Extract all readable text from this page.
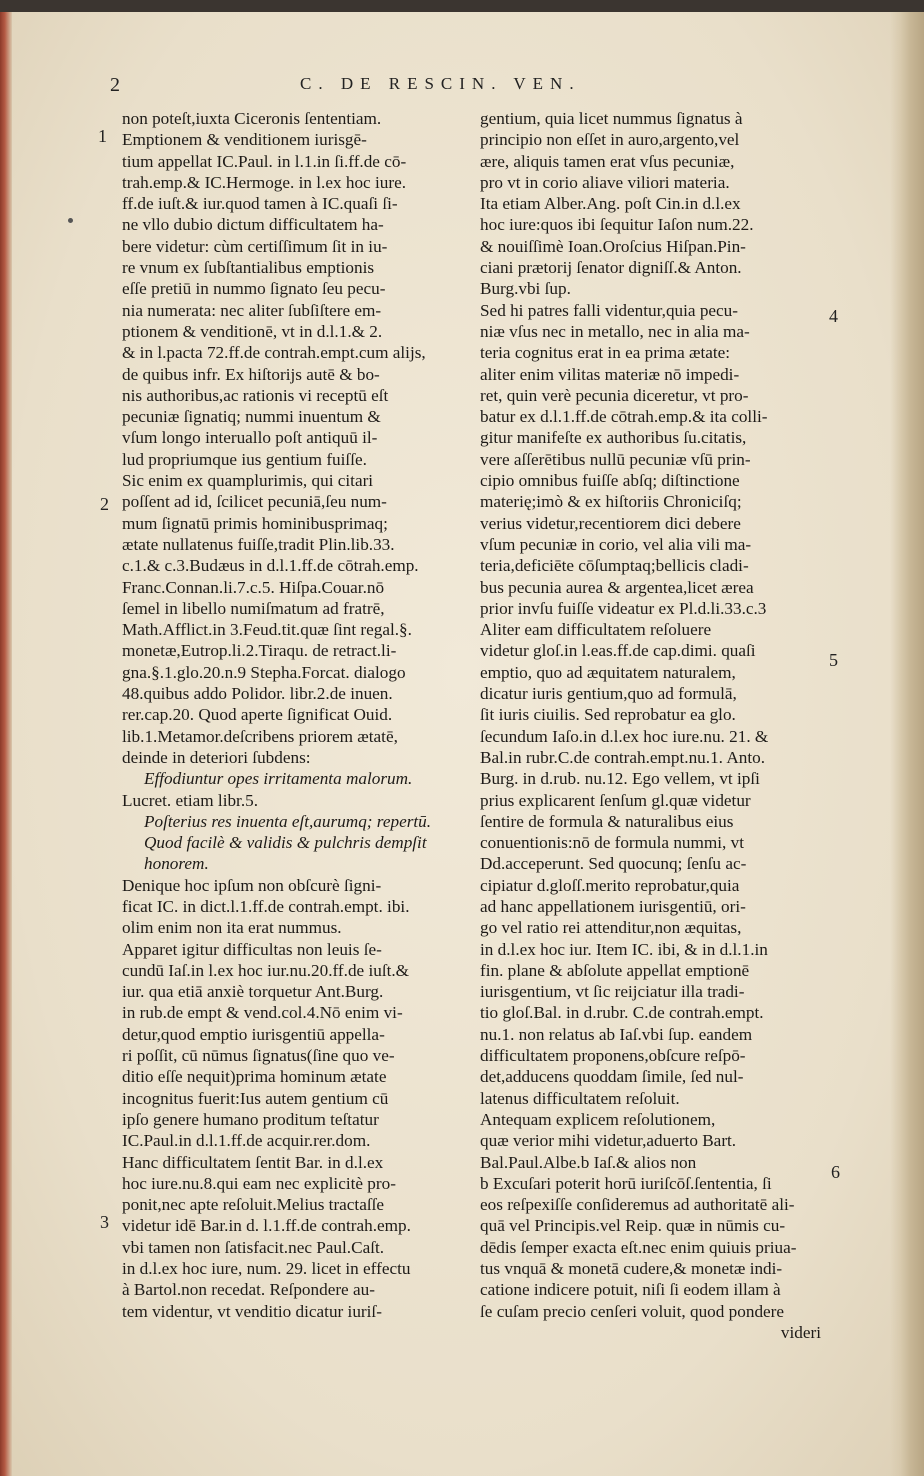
2	C. DE RESCIN. VEN.
1
2
3
4
5
6
non poteſt,iuxta Ciceronis ſententiam.
Emptionem & venditionem iurisgē-
tium appellat IC.Paul. in l.1.in ſi.ff.de cō-
trah.emp.& IC.Hermoge. in l.ex hoc iure.
ff.de iuſt.& iur.quod tamen à IC.quaſi ſi-
ne vllo dubio dictum difficultatem ha-
bere videtur: cùm certiſſimum ſit in iu-
re vnum ex ſubſtantialibus emptionis
eſſe pretiū in nummo ſignato ſeu pecu-
nia numerata: nec aliter ſubſiſtere em-
ptionem & venditionē, vt in d.l.1.& 2.
& in l.pacta 72.ff.de contrah.empt.cum alijs,
de quibus infr. Ex hiſtorijs autē & bo-
nis authoribus,ac rationis vi receptū eſt
pecuniæ ſignatiq; nummi inuentum &
vſum longo interuallo poſt antiquū il-
lud propriumque ius gentium fuiſſe.
Sic enim ex quamplurimis, qui citari
poſſent ad id, ſcilicet pecuniā,ſeu num-
mum ſignatū primis hominibusprimaq;
ætate nullatenus fuiſſe,tradit Plin.lib.33.
c.1.& c.3.Budæus in d.l.1.ff.de cōtrah.emp.
Franc.Connan.li.7.c.5. Hiſpa.Couar.nō
ſemel in libello numiſmatum ad fratrē,
Math.Afflict.in 3.Feud.tit.quæ ſint regal.§.
monetæ,Eutrop.li.2.Tiraqu. de retract.li-
gna.§.1.glo.20.n.9 Stepha.Forcat. dialogo
48.quibus addo Polidor. libr.2.de inuen.
rer.cap.20. Quod aperte ſignificat Ouid.
lib.1.Metamor.deſcribens priorem ætatē,
deinde in deteriori ſubdens:
Effodiuntur opes irritamenta malorum.
Lucret. etiam libr.5.
Poſterius res inuenta eſt,aurumq; repertū.
Quod facilè & validis & pulchris dempſit
honorem.
Denique hoc ipſum non obſcurè ſigni-
ficat IC. in dict.l.1.ff.de contrah.empt. ibi.
olim enim non ita erat nummus.
Apparet igitur difficultas non leuis ſe-
cundū Iaſ.in l.ex hoc iur.nu.20.ff.de iuſt.&
iur. qua etiā anxiè torquetur Ant.Burg.
in rub.de empt & vend.col.4.Nō enim vi-
detur,quod emptio iurisgentiū appella-
ri poſſit, cū nūmus ſignatus(ſine quo ve-
ditio eſſe nequit)prima hominum ætate
incognitus fuerit:Ius autem gentium cū
ipſo genere humano proditum teſtatur
IC.Paul.in d.l.1.ff.de acquir.rer.dom.
Hanc difficultatem ſentit Bar. in d.l.ex
hoc iure.nu.8.qui eam nec explicitè pro-
ponit,nec apte reſoluit.Melius tractaſſe
videtur idē Bar.in d. l.1.ff.de contrah.emp.
vbi tamen non ſatisfacit.nec Paul.Caſt.
in d.l.ex hoc iure, num. 29. licet in effectu
à Bartol.non recedat. Reſpondere au-
tem videntur, vt venditio dicatur iuriſ-
gentium, quia licet nummus ſignatus à
principio non eſſet in auro,argento,vel
ære, aliquis tamen erat vſus pecuniæ,
pro vt in corio aliave viliori materia.
Ita etiam Alber.Ang. poſt Cin.in d.l.ex
hoc iure:quos ibi ſequitur Iaſon num.22.
& nouiſſimè Ioan.Oroſcius Hiſpan.Pin-
ciani prætorij ſenator digniſſ.& Anton.
Burg.vbi ſup.
Sed hi patres falli videntur,quia pecu-
niæ vſus nec in metallo, nec in alia ma-
teria cognitus erat in ea prima ætate:
aliter enim vilitas materiæ nō impedi-
ret, quin verè pecunia diceretur, vt pro-
batur ex d.l.1.ff.de cōtrah.emp.& ita colli-
gitur manifeſte ex authoribus ſu.citatis,
vere aſſerētibus nullū pecuniæ vſū prin-
cipio omnibus fuiſſe abſq; diſtinctione
materię;imò & ex hiſtoriis Chroniciſq;
verius videtur,recentiorem dici debere
vſum pecuniæ in corio, vel alia vili ma-
teria,deficiēte cōſumptaq;bellicis cladi-
bus pecunia aurea & argentea,licet ærea
prior invſu fuiſſe videatur ex Pl.d.li.33.c.3
Aliter eam difficultatem reſoluere
videtur gloſ.in l.eas.ff.de cap.dimi. quaſi
emptio, quo ad æquitatem naturalem,
dicatur iuris gentium,quo ad formulā,
ſit iuris ciuilis. Sed reprobatur ea glo.
ſecundum Iaſo.in d.l.ex hoc iure.nu. 21. &
Bal.in rubr.C.de contrah.empt.nu.1. Anto.
Burg. in d.rub. nu.12. Ego vellem, vt ipſi
prius explicarent ſenſum gl.quæ videtur
ſentire de formula & naturalibus eius
conuentionis:nō de formula nummi, vt
Dd.acceperunt. Sed quocunq; ſenſu ac-
cipiatur d.gloſſ.merito reprobatur,quia
ad hanc appellationem iurisgentiū, ori-
go vel ratio rei attenditur,non æquitas,
in d.l.ex hoc iur. Item IC. ibi, & in d.l.1.in
fin. plane & abſolute appellat emptionē
iurisgentium, vt ſic reijciatur illa tradi-
tio gloſ.Bal. in d.rubr. C.de contrah.empt.
nu.1. non relatus ab Iaſ.vbi ſup. eandem
difficultatem proponens,obſcure reſpō-
det,adducens quoddam ſimile, ſed nul-
latenus difficultatem reſoluit.
Antequam explicem reſolutionem,
quæ verior mihi videtur,aduerto Bart.
Bal.Paul.Albe.b Iaſ.& alios non
b Excuſari poterit horū iuriſcōſ.ſententia, ſi
eos reſpexiſſe conſideremus ad authoritatē ali-
quā vel Principis.vel Reip. quæ in nūmis cu-
dēdis ſemper exacta eſt.nec enim quiuis priua-
tus vnquā & monetā cudere,& monetæ indi-
catione indicere potuit, niſi ſi eodem illam à
ſe cuſam precio cenſeri voluit, quod pondere
videri
